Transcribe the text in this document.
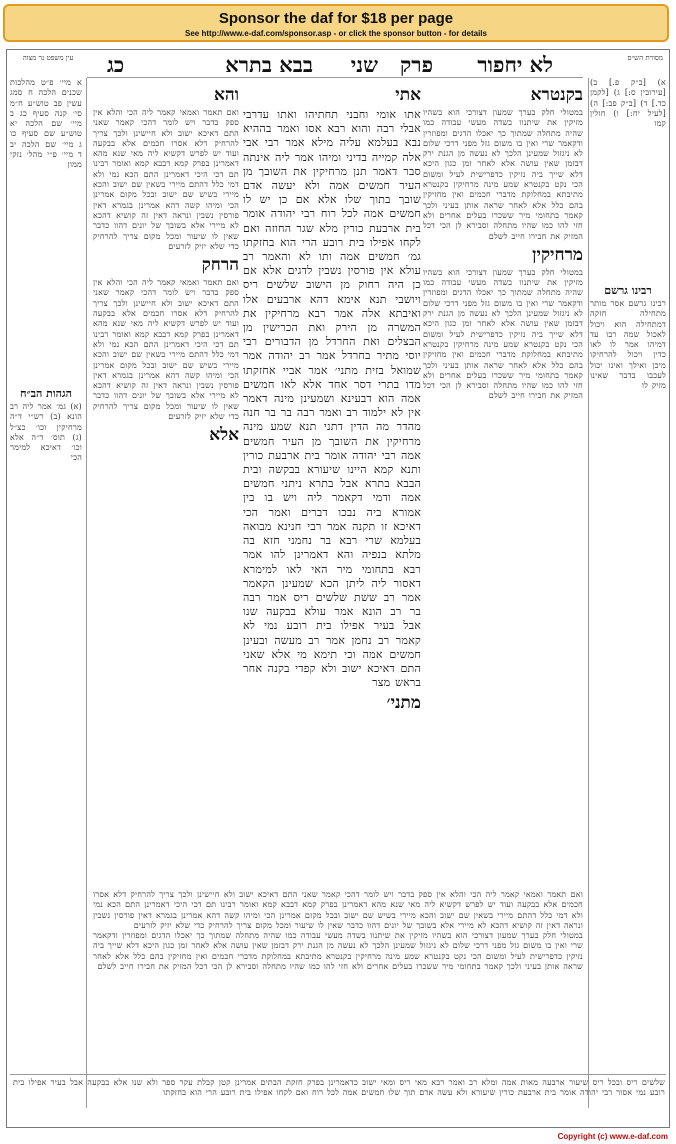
Sponsor the daf for $18 per page
See http://www.e-daf.com/sponsor.asp - or click the sponsor button - for details
מסורת הש״ס
עין משפט נר מצוה	לא יחפור
פרק
שני
בבא בתרא
כג
א) [ב״ק פ.] ב) [עירובין ס:] ג) [לקמן כד.] ד) [ב״ק פב:] ה) [לעיל יח:] ו) חולין קמו
רבינו גרשם
רבינו גרשם אסר מותר מתחילה חזקה דמתחילה הוא ויכול לאכול שמה רבו עד דמיהו אמר לו לאו כדין ויכול להרחיקו מיכן ואילך ואינו יכול לעכבו בדבר שאינו מזיק לו
א מיי׳ פ״ט מהלכות שכנים הלכה ח סמג עשין פב טוש״ע ח״מ סי׳ קנה סעיף כג ב מיי׳ שם הלכה יא טוש״ע שם סעיף כו ג מיי׳ שם הלכה יב ד מיי׳ פ״י מהל׳ נזקי ממון
הגהות הב״ח
(א) גמ׳ אמר ליה רב הונא (ב) רש״י ד״ה מרחיקין וכו׳ כצ״ל (ג) תוס׳ ד״ה אלא וכו׳ דאיכא למימר הכי
בקנטרא
במטולי חלק בערך שמעון דצורכי הוא בשהיו מזיקין את שיתנוו בשדה מעשי עבודה כמו שהיה מתחלה שמתוך כך יאכלו הדגים ומפוזרין ודקאמר שרי ואין בו משום גזל מפני דרכי שלום לא ניגזול שמעינן הלכך לא נעשה מן הגנת ירק דבזמן שאין עושה אלא לאחר זמן כגון היכא דלא שייך ביה נזיקין כדפרישית לעיל ומשום הכי נקט בקנטרא שמע מינה מרחיקין בקנטרא מתיבתא במחלוקת מדברי חכמים ואין מחזיקין בהם כלל אלא לאחר שראה אותן בעיני ולכך קאמר בתחומי מיר ששכרו בעלים אחרים ולא חזי להו כמו שהיו מתחלה וסבירא לן הכי דכל המזיק את חבירו חייב לשלם
מרחיקין
במטולי חלק בערך שמעון דצורכי הוא בשהיו מזיקין את שיתנוו בשדה מעשי עבודה כמו שהיה מתחלה שמתוך כך יאכלו הדגים ומפוזרין ודקאמר שרי ואין בו משום גזל מפני דרכי שלום לא ניגזול שמעינן הלכך לא נעשה מן הגנת ירק דבזמן שאין עושה אלא לאחר זמן כגון היכא דלא שייך ביה נזיקין כדפרישית לעיל ומשום הכי נקט בקנטרא שמע מינה מרחיקין בקנטרא מתיבתא במחלוקת מדברי חכמים ואין מחזיקין בהם כלל אלא לאחר שראה אותן בעיני ולכך קאמר בתחומי מיר ששכרו בעלים אחרים ולא חזי להו כמו שהיו מתחלה וסבירא לן הכי דכל המזיק את חבירו חייב לשלם
אתי
אתו אומי וחבני תחתיהו ואתו עדרבי אבלי רבה והוא רבא אסו ואמר בההיא נבא בעלמא עליה מילא אמר רבי אבי אלה קמייה בדיני ומיהו אמר ליה אינתה סבר דאמר תנן מרחיקין את השובך מן העיר חמשים אמה ולא יעשה אדם שובך בתוך שלו אלא אם כן יש לו חמשים אמה לכל רוח רבי יהודה אומר בית ארבעת כורין מלא שגר החוזה ואם לקחו אפילו בית רובע הרי הוא בחזקתו גמ׳ חמשים אמה ותו לא והאמר רב עולא אין פורסין נשבין לדגים אלא אם כן היה רחוק מן הישוב שלשים ריס ויושבי תנא אימא דהא ארבעים אלו ואיבתא אלה אמר רבא מרחיקין את המשרה מן הירק ואת הכרישין מן הבצלים ואת החרדל מן הדבורים רבי יוסי מתיר בחרדל אמר רב יהודה אמר שמואל בזית מתני׳ אמר אביי אחזקתו מדו בתרי דסר אחד אלא לאו חמשים אמה הוא דבעינא ושמעינן מינה דאמר אין לא ילמוד רב ואמר רבה בר בר חנה מהדר מה הדין דתני תנא שמע מינה מרחיקין את השובך מן העיר חמשים אמה רבי יהודה אומר בית ארבעת כורין ותנא קמא היינו שיעורא בבקשה ובית הבבא בתרא אבל בתרא ניתני חמשים אמה ודמי דקאמר ליה ויש בו בין אמורא ביה נבכו דברים ואמר הכי דאיכא זו תקנה אמר רבי חנינא מבואה בעלמא שרי רבא בר נחמני חזא בה מלתא בנפיה והא דאמרינן להו אמר רבא בתחומי מיר האי לאו למימרא דאסור ליה ליתן הכא שמעינן הקאמר אמר רב ששת שלשים ריס אמר רבה בר רב הונא אמר עולא בבקעה שנו אבל בעיר אפילו בית רובע נמי לא קאמר רב נחמן אמר רב מעשה ובעינן חמשים אמה וכי תימא מי אלא שאני התם דאיכא ישוב ולא קפדי בקנה אחר בראש מצר
מתני׳
והא
ואם תאמר ואמאי קאמר ליה הכי והלא אין ספק בדבר ויש לומר דהכי קאמר שאני התם דאיכא ישוב ולא חיישינן ולכך צריך להרחיק דלא אסרו חכמים אלא בבקעה ועוד יש לפרש דקשיא ליה מאי שנא מהא דאמרינן בפרק קמא דבבא קמא ואומר רבינו תם דכי היכי דאמרינן התם הכא נמי ולא דמי כלל דהתם מיירי בשאין שם ישוב והכא מיירי בשיש שם ישוב ובכל מקום אמרינן הכי ומיהו קשה דהא אמרינן בגמרא דאין פורסין נשבין ונראה דאין זה קושיא דהכא לא מיירי אלא בשובך של יונים דהוו כדבר שאין לו שיעור ומכל מקום צריך להרחיק כדי שלא יזיק לזרעים
הרחק
ואם תאמר ואמאי קאמר ליה הכי והלא אין ספק בדבר ויש לומר דהכי קאמר שאני התם דאיכא ישוב ולא חיישינן ולכך צריך להרחיק דלא אסרו חכמים אלא בבקעה ועוד יש לפרש דקשיא ליה מאי שנא מהא דאמרינן בפרק קמא דבבא קמא ואומר רבינו תם דכי היכי דאמרינן התם הכא נמי ולא דמי כלל דהתם מיירי בשאין שם ישוב והכא מיירי בשיש שם ישוב ובכל מקום אמרינן הכי ומיהו קשה דהא אמרינן בגמרא דאין פורסין נשבין ונראה דאין זה קושיא דהכא לא מיירי אלא בשובך של יונים דהוו כדבר שאין לו שיעור ומכל מקום צריך להרחיק כדי שלא יזיק לזרעים
אלא
ואם תאמר ואמאי קאמר ליה הכי והלא אין ספק בדבר ויש לומר דהכי קאמר שאני התם דאיכא ישוב ולא חיישינן ולכך צריך להרחיק דלא אסרו חכמים אלא בבקעה ועוד יש לפרש דקשיא ליה מאי שנא מהא דאמרינן בפרק קמא דבבא קמא ואומר רבינו תם דכי היכי דאמרינן התם הכא נמי ולא דמי כלל דהתם מיירי בשאין שם ישוב והכא מיירי בשיש שם ישוב ובכל מקום אמרינן הכי ומיהו קשה דהא אמרינן בגמרא דאין פורסין נשבין ונראה דאין זה קושיא דהכא לא מיירי אלא בשובך של יונים דהוו כדבר שאין לו שיעור ומכל מקום צריך להרחיק כדי שלא יזיק לזרעים
במטולי חלק בערך שמעון דצורכי הוא בשהיו מזיקין את שיתנוו בשדה מעשי עבודה כמו שהיה מתחלה שמתוך כך יאכלו הדגים ומפוזרין ודקאמר שרי ואין בו משום גזל מפני דרכי שלום לא ניגזול שמעינן הלכך לא נעשה מן הגנת ירק דבזמן שאין עושה אלא לאחר זמן כגון היכא דלא שייך ביה נזיקין כדפרישית לעיל ומשום הכי נקט בקנטרא שמע מינה מרחיקין בקנטרא מתיבתא במחלוקת מדברי חכמים ואין מחזיקין בהם כלל אלא לאחר שראה אותן בעיני ולכך קאמר בתחומי מיר ששכרו בעלים אחרים ולא חזי להו כמו שהיו מתחלה וסבירא לן הכי דכל המזיק את חבירו חייב לשלם
שלשים ריס ובכל ריס שיעור ארבעה מאות אמה ומלא רב ואמר רבא מאי ריס ומאי ישוב כדאמרינן בפרק חזקת הבתים אמרינן קטן קבלת עקר ספר ולא שנו אלא בבקעה אבל בעיר אפילו בית רובע נמי אסור רבי יהודה אומר בית ארבעת כורין שיעורא ולא עשה אדם תוך שלו חמשים אמה לכל רוח ואם לקחו אפילו בית רובע הרי הוא בחזקתו
Copyright (c) www.e-daf.com
